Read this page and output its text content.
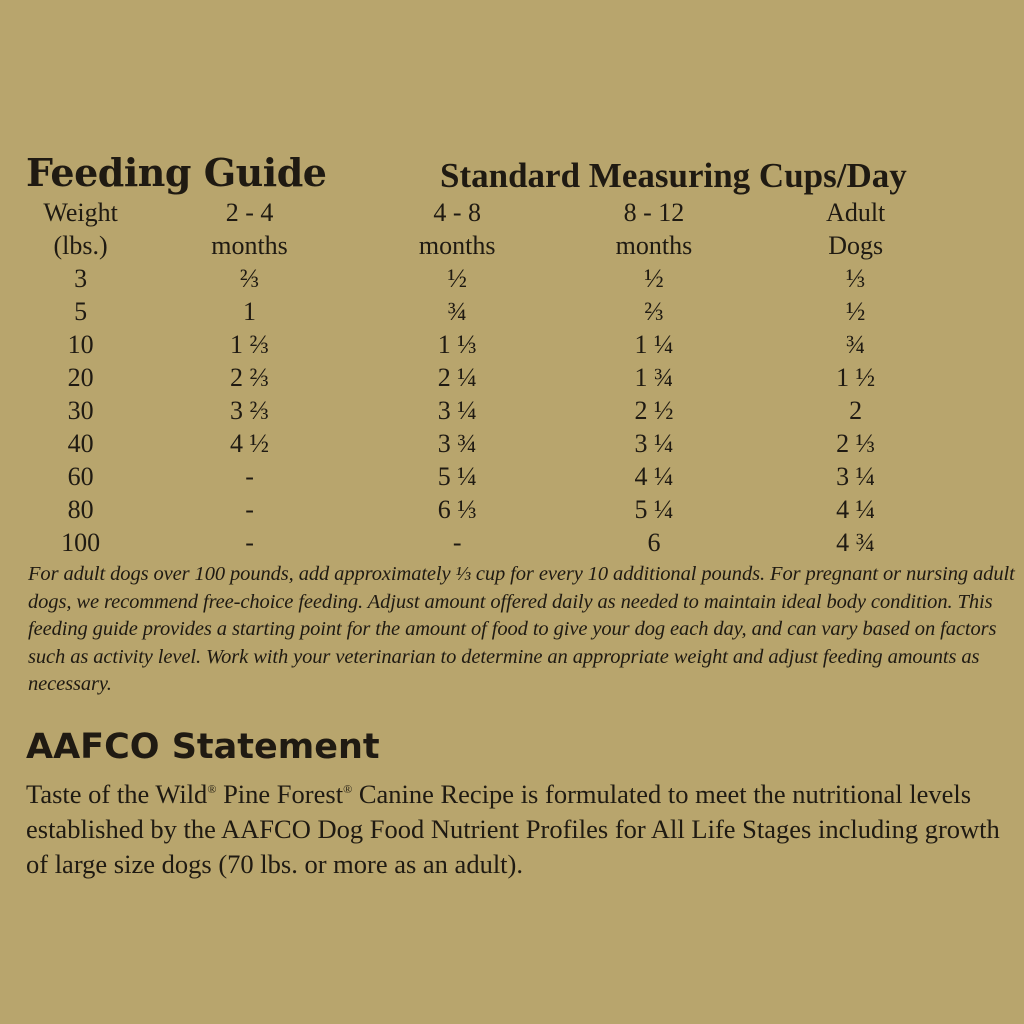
Feeding Guide	Standard Measuring Cups/Day
Weight	2 - 4	4 - 8	8 - 12	Adult
(lbs.)	months	months	months	Dogs
3	⅔	½	½	⅓
5	1	¾	⅔	½
10	1 ⅔	1 ⅓	1 ¼	¾
20	2 ⅔	2 ¼	1 ¾	1 ½
30	3 ⅔	3 ¼	2 ½	2
40	4 ½	3 ¾	3 ¼	2 ⅓
60	-	5 ¼	4 ¼	3 ¼
80	-	6 ⅓	5 ¼	4 ¼
100	-	-	6	4 ¾
For adult dogs over 100 pounds, add approximately ⅓ cup for every 10 additional pounds. For pregnant or nursing adult dogs, we recommend free-choice feeding. Adjust amount offered daily as needed to maintain ideal body condition. This feeding guide provides a starting point for the amount of food to give your dog each day, and can vary based on factors such as activity level. Work with your veterinarian to determine an appropriate weight and adjust feeding amounts as necessary.
AAFCO Statement
Taste of the Wild® Pine Forest® Canine Recipe is formulated to meet the nutritional levels established by the AAFCO Dog Food Nutrient Profiles for All Life Stages including growth of large size dogs (70 lbs. or more as an adult).
